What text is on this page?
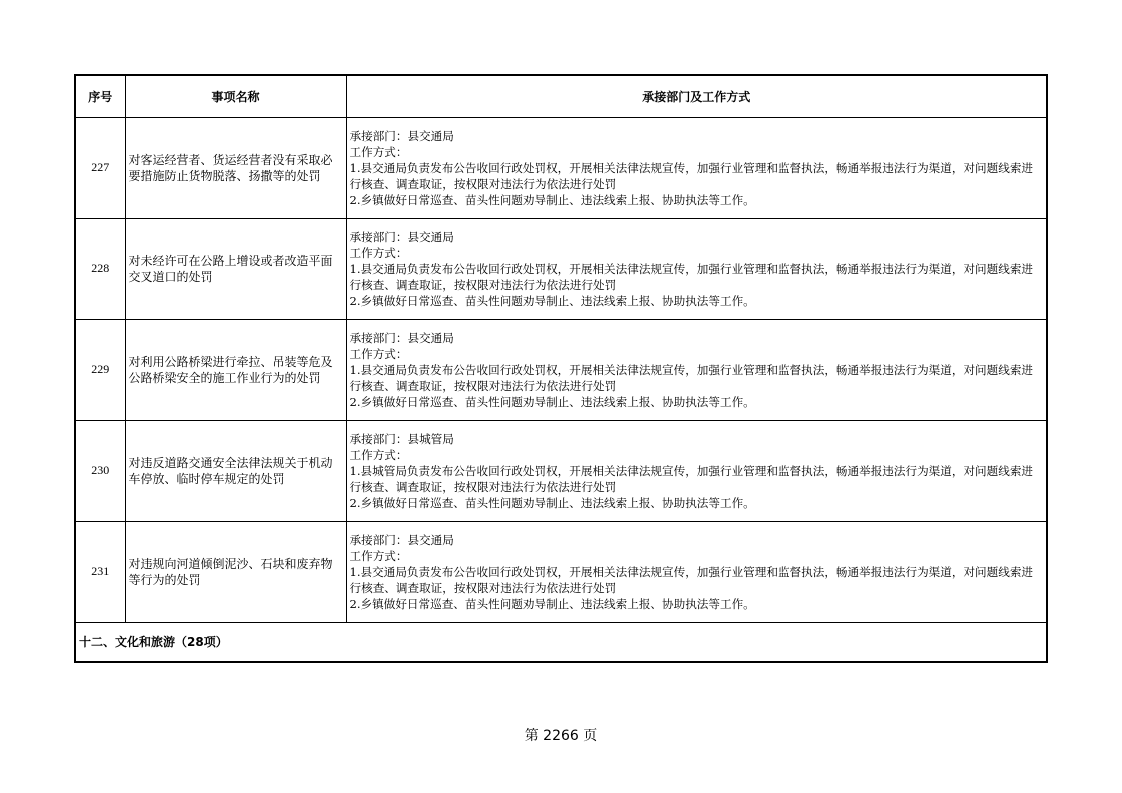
序号	事项名称	承接部门及工作方式
227	对客运经营者、货运经营者没有采取必要措施防止货物脱落、扬撒等的处罚	承接部门：县交通局
工作方式：
1.县交通局负责发布公告收回行政处罚权，开展相关法律法规宣传，加强行业管理和监督执法，畅通举报违法行为渠道，对问题线索进行核查、调查取证，按权限对违法行为依法进行处罚
2.乡镇做好日常巡查、苗头性问题劝导制止、违法线索上报、协助执法等工作。

228	对未经许可在公路上增设或者改造平面交叉道口的处罚	承接部门：县交通局
工作方式：
1.县交通局负责发布公告收回行政处罚权，开展相关法律法规宣传，加强行业管理和监督执法，畅通举报违法行为渠道，对问题线索进行核查、调查取证，按权限对违法行为依法进行处罚
2.乡镇做好日常巡查、苗头性问题劝导制止、违法线索上报、协助执法等工作。

229	对利用公路桥梁进行牵拉、吊装等危及公路桥梁安全的施工作业行为的处罚	承接部门：县交通局
工作方式：
1.县交通局负责发布公告收回行政处罚权，开展相关法律法规宣传，加强行业管理和监督执法，畅通举报违法行为渠道，对问题线索进行核查、调查取证，按权限对违法行为依法进行处罚
2.乡镇做好日常巡查、苗头性问题劝导制止、违法线索上报、协助执法等工作。

230	对违反道路交通安全法律法规关于机动车停放、临时停车规定的处罚	承接部门：县城管局
工作方式：
1.县城管局负责发布公告收回行政处罚权，开展相关法律法规宣传，加强行业管理和监督执法，畅通举报违法行为渠道，对问题线索进行核查、调查取证，按权限对违法行为依法进行处罚
2.乡镇做好日常巡查、苗头性问题劝导制止、违法线索上报、协助执法等工作。

231	对违规向河道倾倒泥沙、石块和废弃物等行为的处罚	承接部门：县交通局
工作方式：
1.县交通局负责发布公告收回行政处罚权，开展相关法律法规宣传，加强行业管理和监督执法，畅通举报违法行为渠道，对问题线索进行核查、调查取证，按权限对违法行为依法进行处罚
2.乡镇做好日常巡查、苗头性问题劝导制止、违法线索上报、协助执法等工作。

十二、文化和旅游（28项）		
第 2266 页
